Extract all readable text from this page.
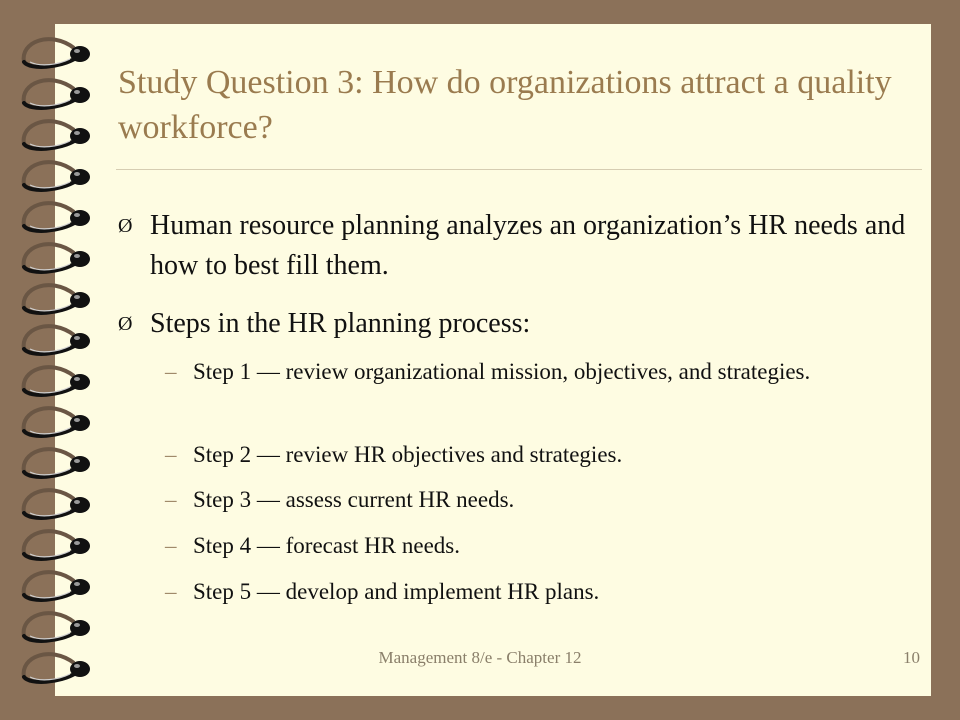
Study Question 3: How do organizations attract a quality workforce?
Ø Human resource planning analyzes an organization’s HR needs and how to best fill them.
Ø Steps in the HR planning process:
– Step 1 — review organizational mission, objectives, and strategies.
– Step 2 — review HR objectives and strategies.
– Step 3 — assess current HR needs.
– Step 4 — forecast HR needs.
– Step 5 — develop and implement HR plans.
Management 8/e - Chapter 12	10
